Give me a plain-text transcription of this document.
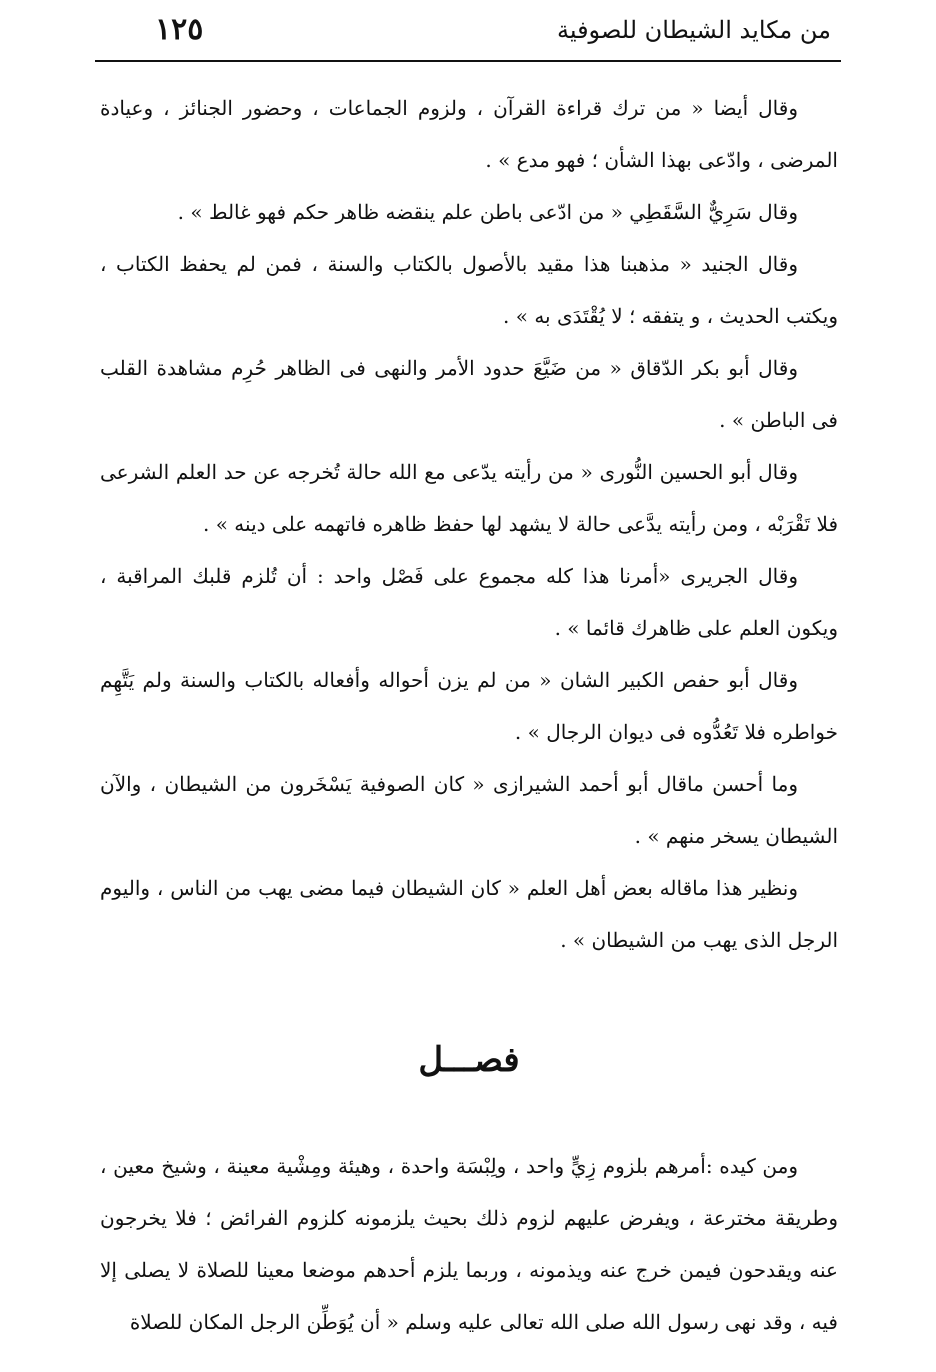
١٢٥	من مكايد الشيطان للصوفية

وقال أيضا « من ترك قراءة القرآن ، ولزوم الجماعات ، وحضور الجنائز ، وعيادة المرضى ، وادّعى بهذا الشأن ؛ فهو مدع » .

وقال سَرِيٌّ السَّقَطِي « من ادّعى باطن علم ينقضه ظاهر حكم فهو غالط » .

وقال الجنيد « مذهبنا هذا مقيد بالأصول بالكتاب والسنة ، فمن لم يحفظ الكتاب ، ويكتب الحديث ، و يتفقه ؛ لا يُقْتَدَى به » .

وقال أبو بكر الدّقاق « من ضَيَّعَ حدود الأمر والنهى فى الظاهر حُرِم مشاهدة القلب فى الباطن » .

وقال أبو الحسين النُّورى « من رأيته يدّعى مع الله حالة تُخرجه عن حد العلم الشرعى فلا تَقْرَبْه ، ومن رأيته يدَّعى حالة لا يشهد لها حفظ ظاهره فاتهمه على دينه » .

وقال الجريرى «أمرنا هذا كله مجموع على فَصْل واحد : أن تُلزم قلبك المراقبة ، ويكون العلم على ظاهرك قائما » .

وقال أبو حفص الكبير الشان « من لم يزن أحواله وأفعاله بالكتاب والسنة ولم يَتَّهِم خواطره فلا تَعُدُّوه فى ديوان الرجال » .

وما أحسن ماقال أبو أحمد الشيرازى « كان الصوفية يَسْخَرون من الشيطان ، والآن الشيطان يسخر منهم » .

ونظير هذا ماقاله بعض أهل العلم « كان الشيطان فيما مضى يهب من الناس ، واليوم الرجل الذى يهب من الشيطان » .

فصـــل

ومن كيده :أمرهم بلزوم زِيٍّ واحد ، ولِبْسَة واحدة ، وهيئة ومِشْية معينة ، وشيخ معين ، وطريقة مخترعة ، ويفرض عليهم لزوم ذلك بحيث يلزمونه كلزوم الفرائض ؛ فلا يخرجون عنه ويقدحون فيمن خرج عنه ويذمونه ، وربما يلزم أحدهم موضعا معينا للصلاة لا يصلى إلا فيه ، وقد نهى رسول الله صلى الله تعالى عليه وسلم « أن يُوَطِّن الرجل المكان للصلاة
